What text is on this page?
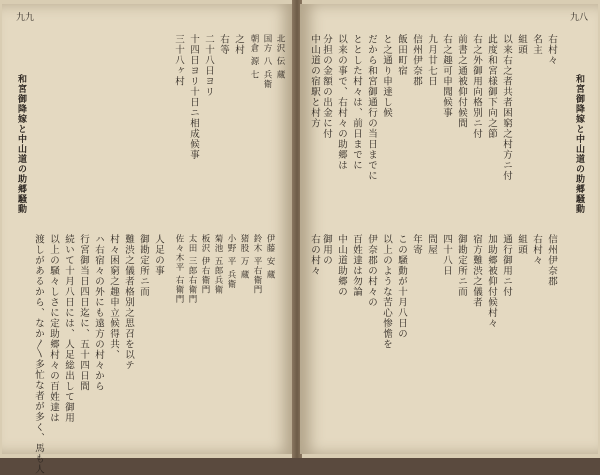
九九
和宮御降嫁と中山道の助郷騒動
渡しがあるから、なか〳〵多忙な者が多く、馬も人 以上の騒々しさに定助郷村々の百姓達は 続いて十月八日には、人足総出して御用 行宮御当日四日迄に、五十四日間 ハ右宿々の外にも遠方の村々から 村々困窮之趣申立候得共、 難渋之儀者格別之思召を以テ 御勘定所ニ而 人足の事
三十八ヶ村 十四日ヨリ十日ニ相成候事 二十八日ヨリ 右等 之村
佐々木平 右衛門 太田 三郎右衛門 板沢 伊右衛門 菊池 五郎兵衛 小野 平 兵衛 猪股 万 蔵 鈴木 平右衛門 伊藤 安 蔵
朝倉 源 七 国方 八 兵衛 北沢 伝 蔵
九八
和宮御降嫁と中山道の助郷騒動
右村々
名主
組頭
以来右之者共者困窮之村方ニ付
此度和宮様御下向之節
右之外御用向格別ニ付
前書之通被仰付候間
右之趣可申聞候事
九月廿七日
信州伊奈郡
飯田町宿
と之通り申達し候
だから和宮御通行の当日までに
ととした村々は、前日までに
以来の事で、右村々の助郷は
分担の金額の出金に付
中山道の宿駅と村方
信州伊奈郡
右村々
組頭
通行御用ニ付
加助郷被仰付候村々
宿方難渋之儀者
御勘定所ニ而
四十八日
問屋
年寄
この騒動が十月八日の
以上のような苦心惨憺を
伊奈郡の村々の
百姓達は勿論
中山道助郷の
御用の
右の村々
